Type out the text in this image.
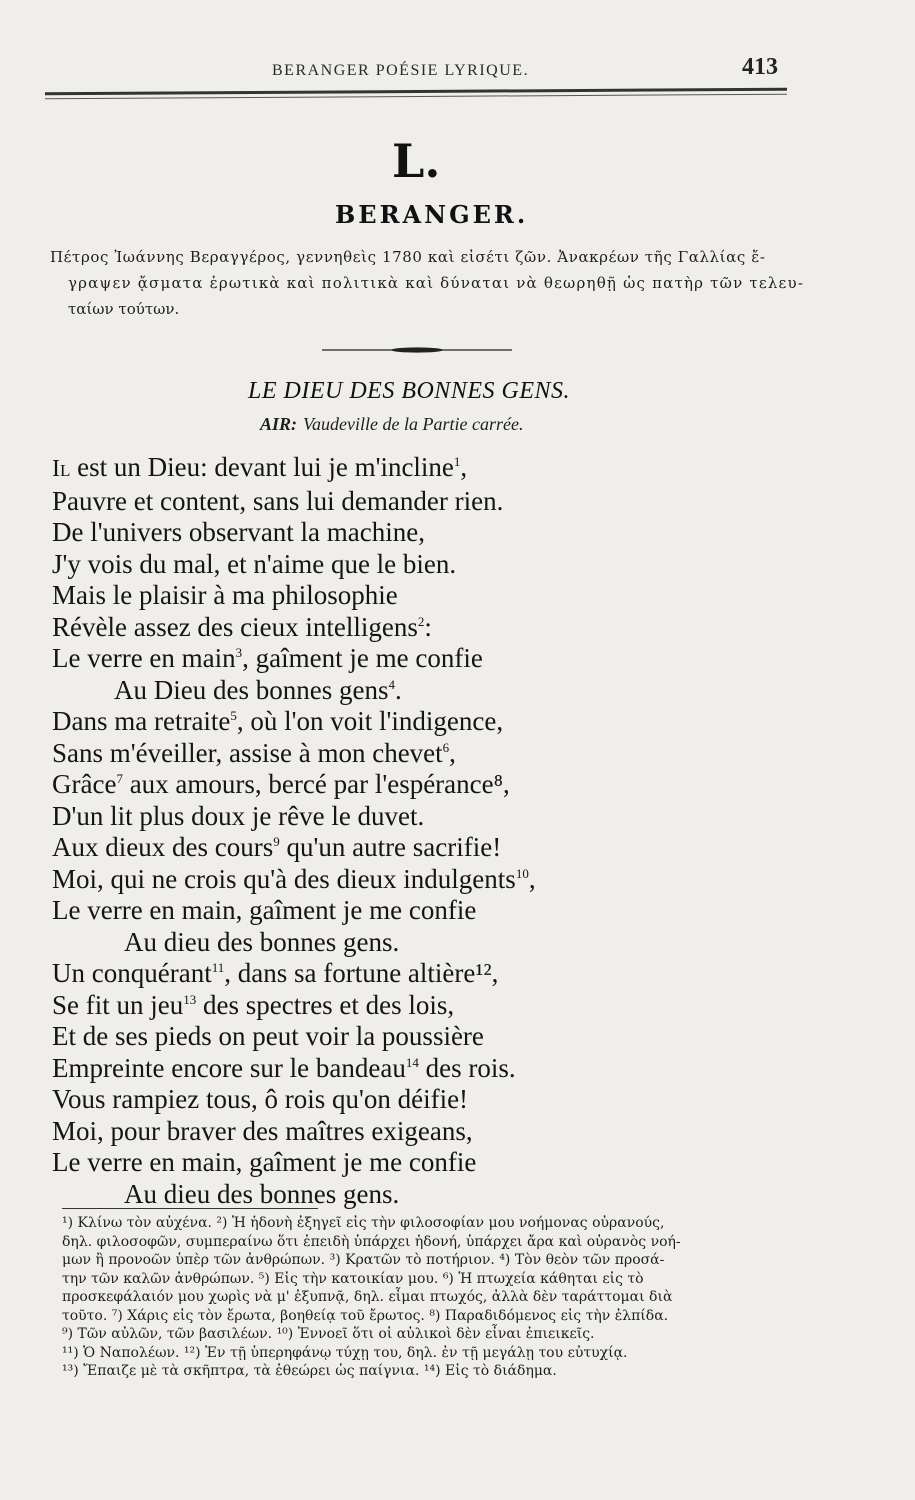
BERANGER POÉSIE LYRIQUE.	413
L.
BERANGER.
Πέτρος Ἰωάννης Βεραγγέρος, γεννηθεὶς 1780 καὶ εἰσέτι ζῶν. Ἀνακρέων τῆς Γαλλίας ἔ-
γραψεν ᾄσματα ἐρωτικὰ καὶ πολιτικὰ καὶ δύναται νὰ θεωρηθῇ ὡς πατὴρ τῶν τελευ-
ταίων τούτων.
LE DIEU DES BONNES GENS.
AIR: Vaudeville de la Partie carrée.
Il est un Dieu: devant lui je m'incline$^1$,
Pauvre et content, sans lui demander rien.
De l'univers observant la machine,
J'y vois du mal, et n'aime que le bien.
Mais le plaisir à ma philosophie
Révèle assez des cieux intelligens$^2$:
Le verre en main$^3$, gaîment je me confie
Au Dieu des bonnes gens$^4$.
Dans ma retraite$^5$, où l'on voit l'indigence,
Sans m'éveiller, assise à mon chevet$^6$,
Grâce$^7$ aux amours, bercé par l'espérance⁸,
D'un lit plus doux je rêve le duvet.
Aux dieux des cours$^9$ qu'un autre sacrifie!
Moi, qui ne crois qu'à des dieux indulgents$^{10}$,
Le verre en main, gaîment je me confie
Au dieu des bonnes gens.
Un conquérant$^{11}$, dans sa fortune altière¹²,
Se fit un jeu$^{13}$ des spectres et des lois,
Et de ses pieds on peut voir la poussière
Empreinte encore sur le bandeau$^{14}$ des rois.
Vous rampiez tous, ô rois qu'on déifie!
Moi, pour braver des maîtres exigeans,
Le verre en main, gaîment je me confie
Au dieu des bonnes gens.
¹) Κλίνω τὸν αὐχένα. ²) Ἡ ἡδονὴ ἐξηγεῖ εἰς τὴν φιλοσοφίαν μου νοήμονας οὐρανούς,
δηλ. φιλοσοφῶν, συμπεραίνω ὅτι ἐπειδὴ ὑπάρχει ἡδονή, ὑπάρχει ἄρα καὶ οὐρανὸς νοή-
μων ἢ προνοῶν ὑπὲρ τῶν ἀνθρώπων. ³) Κρατῶν τὸ ποτήριον. ⁴) Τὸν θεὸν τῶν προσά-
την τῶν καλῶν ἀνθρώπων. ⁵) Εἰς τὴν κατοικίαν μου. ⁶) Ἡ πτωχεία κάθηται εἰς τὸ
προσκεφάλαιόν μου χωρὶς νὰ μ' ἐξυπνᾷ, δηλ. εἶμαι πτωχός, ἀλλὰ δὲν ταράττομαι διὰ
τοῦτο. ⁷) Χάρις εἰς τὸν ἔρωτα, βοηθείᾳ τοῦ ἔρωτος. ⁸) Παραδιδόμενος εἰς τὴν ἐλπίδα.
⁹) Τῶν αὐλῶν, τῶν βασιλέων. ¹⁰) Ἐννοεῖ ὅτι οἱ αὐλικοὶ δὲν εἶναι ἐπιεικεῖς.
¹¹) Ὁ Ναπολέων. ¹²) Ἐν τῇ ὑπερηφάνῳ τύχῃ του, δηλ. ἐν τῇ μεγάλῃ του εὐτυχίᾳ.
¹³) Ἔπαιζε μὲ τὰ σκῆπτρα, τὰ ἐθεώρει ὡς παίγνια. ¹⁴) Εἰς τὸ διάδημα.
